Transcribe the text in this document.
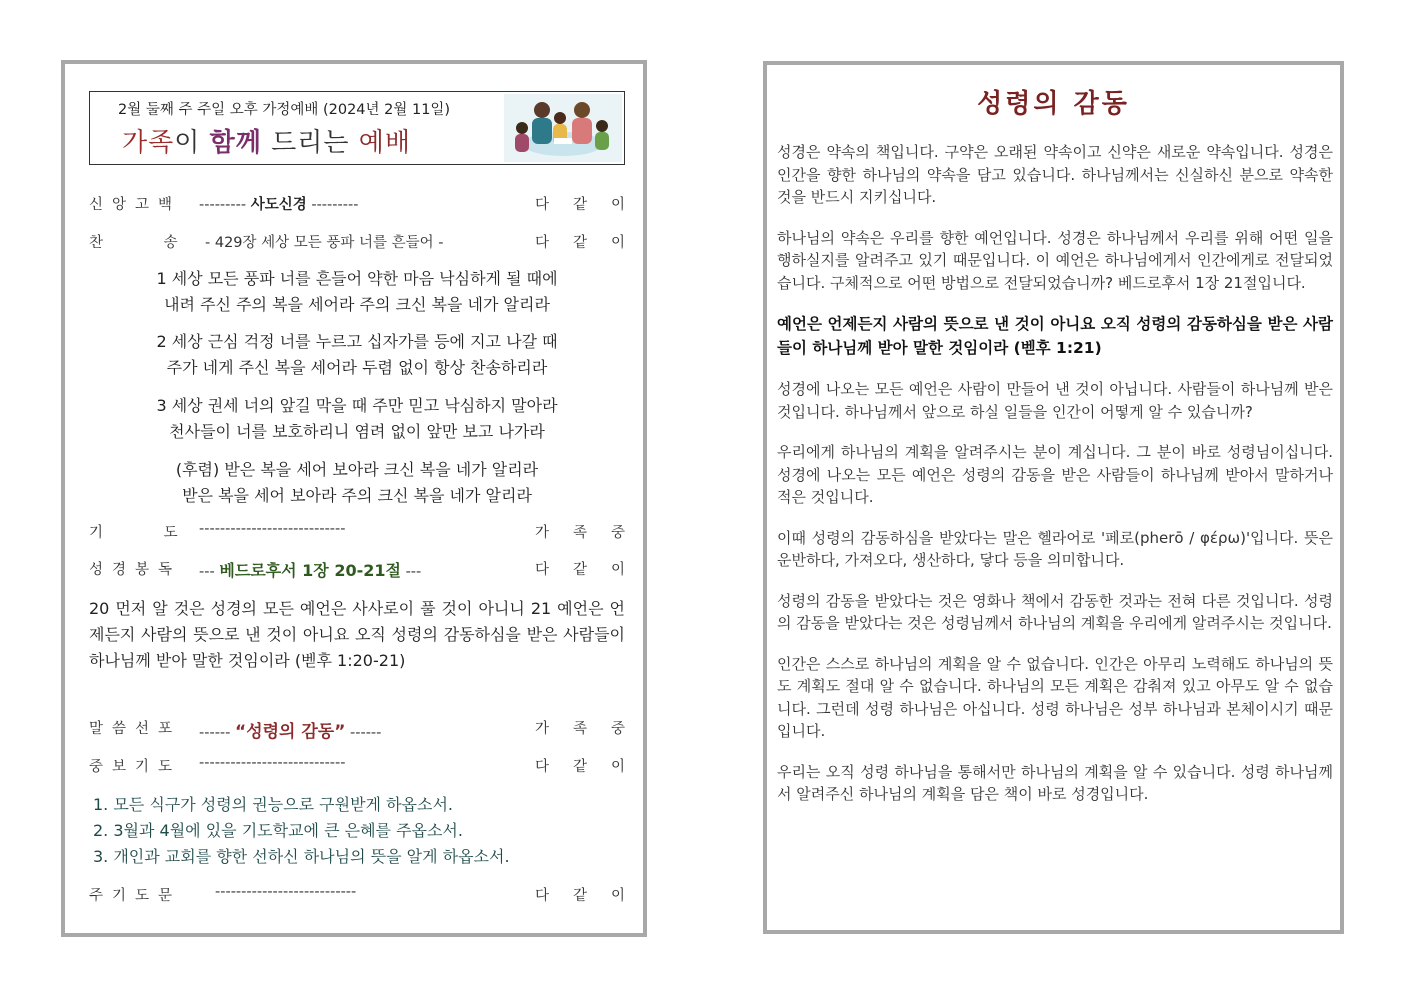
2월 둘째 주 주일 오후 가정예배 (2024년 2월 11일)
가족이 함께 드리는 예배
신앙고백 --------- 사도신경 ---------	다같이
찬 송 - 429장 세상 모든 풍파 너를 흔들어 -	다같이
1 세상 모든 풍파 너를 흔들어 약한 마음 낙심하게 될 때에
내려 주신 주의 복을 세어라 주의 크신 복을 네가 알리라
2 세상 근심 걱정 너를 누르고 십자가를 등에 지고 나갈 때
주가 네게 주신 복을 세어라 두렴 없이 항상 찬송하리라
3 세상 권세 너의 앞길 막을 때 주만 믿고 낙심하지 말아라
천사들이 너를 보호하리니 염려 없이 앞만 보고 나가라
(후렴) 받은 복을 세어 보아라 크신 복을 네가 알리라
받은 복을 세어 보아라 주의 크신 복을 네가 알리라
기 도 ----------------------------	가족중
성경봉독 --- 베드로후서 1장 20-21절 ---	다같이
20 먼저 알 것은 성경의 모든 예언은 사사로이 풀 것이 아니니 21 예언은 언제든지 사람의 뜻으로 낸 것이 아니요 오직 성령의 감동하심을 받은 사람들이 하나님께 받아 말한 것임이라 (벧후 1:20-21)
말씀선포 ------ “성령의 감동” ------	가족중
중보기도 ----------------------------	다같이
1. 모든 식구가 성령의 권능으로 구원받게 하옵소서.
2. 3월과 4월에 있을 기도학교에 큰 은혜를 주옵소서.
3. 개인과 교회를 향한 선하신 하나님의 뜻을 알게 하옵소서.
주기도문 ---------------------------	다같이
성령의 감동

성경은 약속의 책입니다. 구약은 오래된 약속이고 신약은 새로운 약속입니다. 성경은 인간을 향한 하나님의 약속을 담고 있습니다. 하나님께서는 신실하신 분으로 약속한 것을 반드시 지키십니다.

하나님의 약속은 우리를 향한 예언입니다. 성경은 하나님께서 우리를 위해 어떤 일을 행하실지를 알려주고 있기 때문입니다. 이 예언은 하나님에게서 인간에게로 전달되었습니다. 구체적으로 어떤 방법으로 전달되었습니까? 베드로후서 1장 21절입니다.

예언은 언제든지 사람의 뜻으로 낸 것이 아니요 오직 성령의 감동하심을 받은 사람들이 하나님께 받아 말한 것임이라 (벧후 1:21)

성경에 나오는 모든 예언은 사람이 만들어 낸 것이 아닙니다. 사람들이 하나님께 받은 것입니다. 하나님께서 앞으로 하실 일들을 인간이 어떻게 알 수 있습니까?

우리에게 하나님의 계획을 알려주시는 분이 계십니다. 그 분이 바로 성령님이십니다. 성경에 나오는 모든 예언은 성령의 감동을 받은 사람들이 하나님께 받아서 말하거나 적은 것입니다.

이때 성령의 감동하심을 받았다는 말은 헬라어로 '페로(pherō / φέρω)'입니다. 뜻은 운반하다, 가져오다, 생산하다, 닿다 등을 의미합니다.

성령의 감동을 받았다는 것은 영화나 책에서 감동한 것과는 전혀 다른 것입니다. 성령의 감동을 받았다는 것은 성령님께서 하나님의 계획을 우리에게 알려주시는 것입니다.

인간은 스스로 하나님의 계획을 알 수 없습니다. 인간은 아무리 노력해도 하나님의 뜻도 계획도 절대 알 수 없습니다. 하나님의 모든 계획은 감춰져 있고 아무도 알 수 없습니다. 그런데 성령 하나님은 아십니다. 성령 하나님은 성부 하나님과 본체이시기 때문입니다.

우리는 오직 성령 하나님을 통해서만 하나님의 계획을 알 수 있습니다. 성령 하나님께서 알려주신 하나님의 계획을 담은 책이 바로 성경입니다.
